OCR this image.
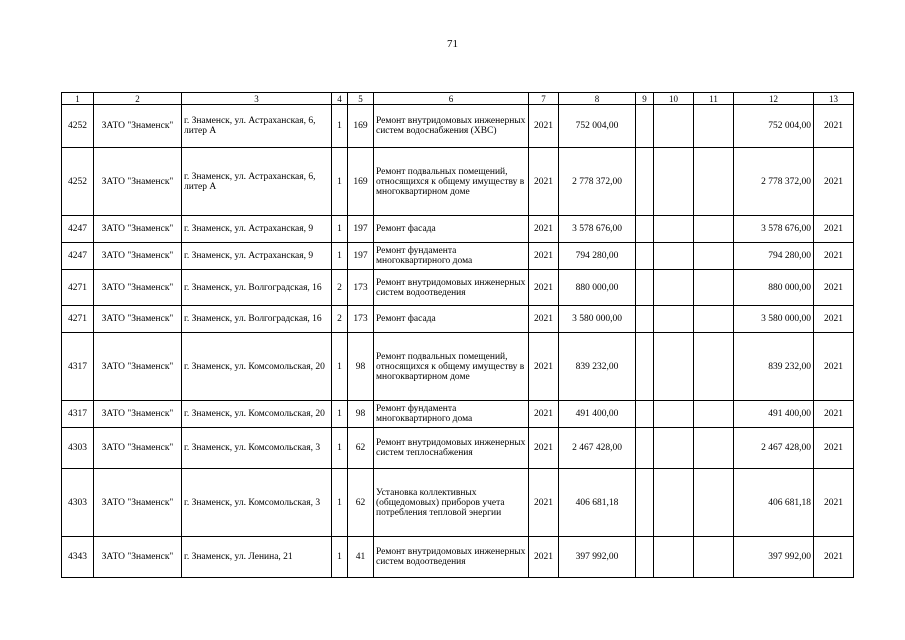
71
1	2	3	4	5	6	7	8	9	10	11	12	13
4252	ЗАТО "Знаменск"	г. Знаменск, ул. Астраханская, 6, литер А	1	169	Ремонт внутридомовых инженерных систем водоснабжения (ХВС)	2021	752 004,00				752 004,00	2021
4252	ЗАТО "Знаменск"	г. Знаменск, ул. Астраханская, 6, литер А	1	169	Ремонт подвальных помещений, относящихся к общему имуществу в многоквартирном доме	2021	2 778 372,00				2 778 372,00	2021
4247	ЗАТО "Знаменск"	г. Знаменск, ул. Астраханская, 9	1	197	Ремонт фасада	2021	3 578 676,00				3 578 676,00	2021
4247	ЗАТО "Знаменск"	г. Знаменск, ул. Астраханская, 9	1	197	Ремонт фундамента многоквартирного дома	2021	794 280,00				794 280,00	2021
4271	ЗАТО "Знаменск"	г. Знаменск, ул. Волгоградская, 16	2	173	Ремонт внутридомовых инженерных систем водоотведения	2021	880 000,00				880 000,00	2021
4271	ЗАТО "Знаменск"	г. Знаменск, ул. Волгоградская, 16	2	173	Ремонт фасада	2021	3 580 000,00				3 580 000,00	2021
4317	ЗАТО "Знаменск"	г. Знаменск, ул. Комсомольская, 20	1	98	Ремонт подвальных помещений, относящихся к общему имуществу в многоквартирном доме	2021	839 232,00				839 232,00	2021
4317	ЗАТО "Знаменск"	г. Знаменск, ул. Комсомольская, 20	1	98	Ремонт фундамента многоквартирного дома	2021	491 400,00				491 400,00	2021
4303	ЗАТО "Знаменск"	г. Знаменск, ул. Комсомольская, 3	1	62	Ремонт внутридомовых инженерных систем теплоснабжения	2021	2 467 428,00				2 467 428,00	2021
4303	ЗАТО "Знаменск"	г. Знаменск, ул. Комсомольская, 3	1	62	Установка коллективных (общедомовых) приборов учета потребления тепловой энергии	2021	406 681,18				406 681,18	2021
4343	ЗАТО "Знаменск"	г. Знаменск, ул. Ленина, 21	1	41	Ремонт внутридомовых инженерных систем водоотведения	2021	397 992,00				397 992,00	2021
